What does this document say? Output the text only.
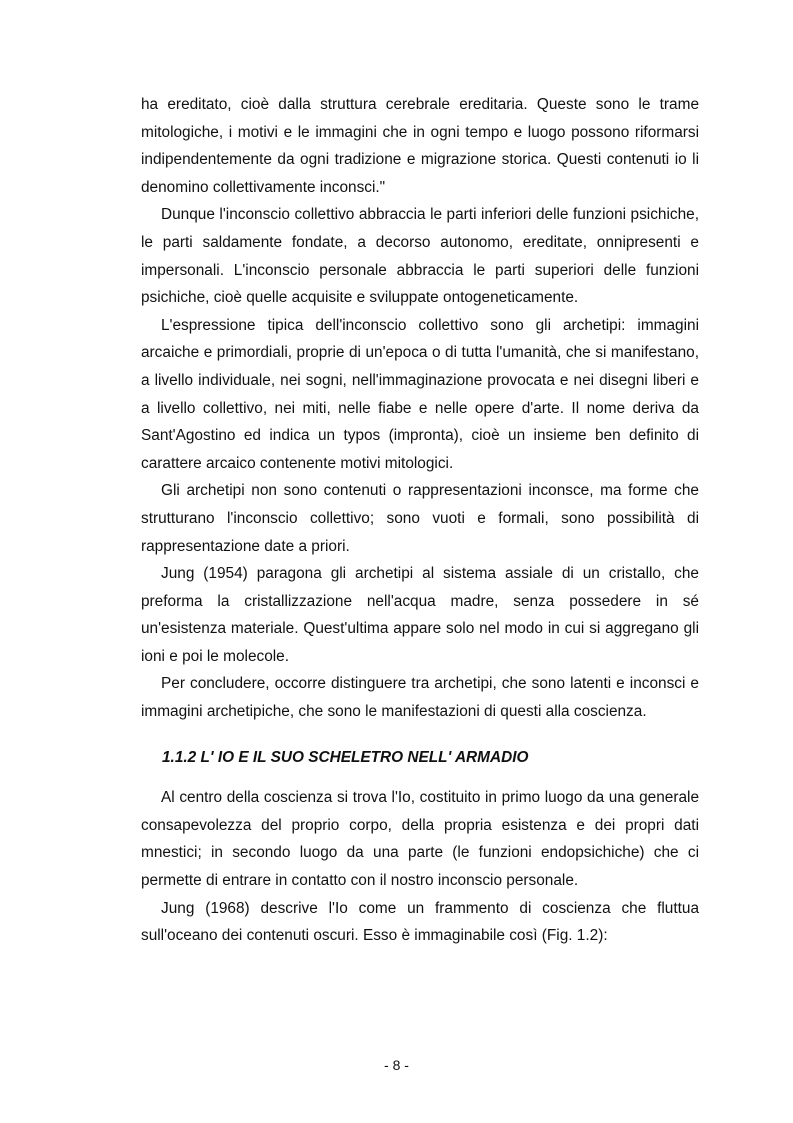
ha ereditato, cioè dalla struttura cerebrale ereditaria. Queste sono le trame mitologiche, i motivi e le immagini che in ogni tempo e luogo possono riformarsi indipendentemente da ogni tradizione e migrazione storica. Questi contenuti io li denomino collettivamente inconsci."

Dunque l'inconscio collettivo abbraccia le parti inferiori delle funzioni psichiche, le parti saldamente fondate, a decorso autonomo, ereditate, onnipresenti e impersonali. L'inconscio personale abbraccia le parti superiori delle funzioni psichiche, cioè quelle acquisite e sviluppate ontogeneticamente.

L'espressione tipica dell'inconscio collettivo sono gli archetipi: immagini arcaiche e primordiali, proprie di un'epoca o di tutta l'umanità, che si manifestano, a livello individuale, nei sogni, nell'immaginazione provocata e nei disegni liberi e a livello collettivo, nei miti, nelle fiabe e nelle opere d'arte. Il nome deriva da Sant'Agostino ed indica un typos (impronta), cioè un insieme ben definito di carattere arcaico contenente motivi mitologici.

Gli archetipi non sono contenuti o rappresentazioni inconsce, ma forme che strutturano l'inconscio collettivo; sono vuoti e formali, sono possibilità di rappresentazione date a priori.

Jung (1954) paragona gli archetipi al sistema assiale di un cristallo, che preforma la cristallizzazione nell'acqua madre, senza possedere in sé un'esistenza materiale. Quest'ultima appare solo nel modo in cui si aggregano gli ioni e poi le molecole.

Per concludere, occorre distinguere tra archetipi, che sono latenti e inconsci e immagini archetipiche, che sono le manifestazioni di questi alla coscienza.

1.1.2 L' IO E IL SUO SCHELETRO NELL' ARMADIO

Al centro della coscienza si trova l'Io, costituito in primo luogo da una generale consapevolezza del proprio corpo, della propria esistenza e dei propri dati mnestici; in secondo luogo da una parte (le funzioni endopsichiche) che ci permette di entrare in contatto con il nostro inconscio personale.

Jung (1968) descrive l'Io come un frammento di coscienza che fluttua sull'oceano dei contenuti oscuri. Esso è immaginabile così (Fig. 1.2):

- 8 -
